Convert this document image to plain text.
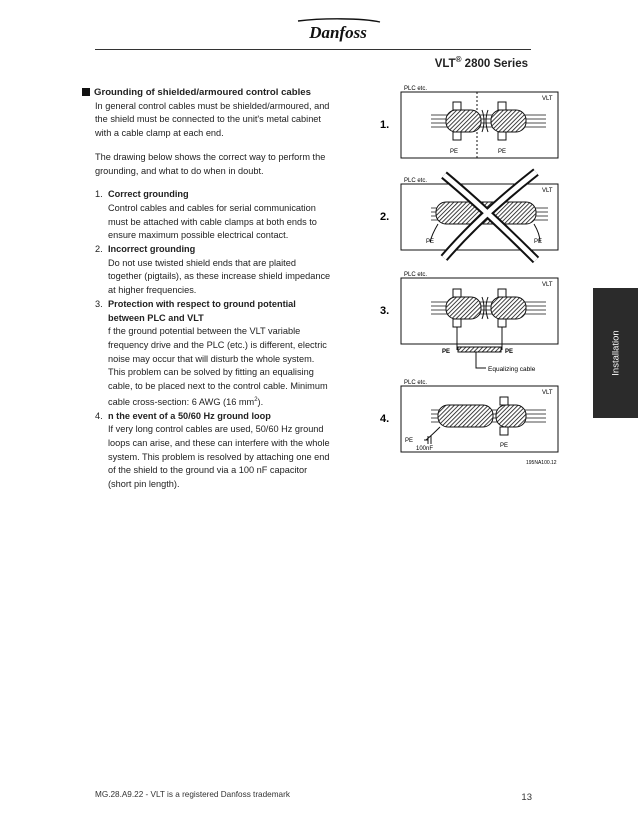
Danfoss
VLT® 2800 Series
Grounding of shielded/armoured control cables
In general control cables must be shielded/armoured, and the shield must be connected to the unit's metal cabinet with a cable clamp at each end.
The drawing below shows the correct way to perform the grounding, and what to do when in doubt.
1. Correct grounding
Control cables and cables for serial communication must be attached with cable clamps at both ends to ensure maximum possible electrical contact.
2. Incorrect grounding
Do not use twisted shield ends that are plaited together (pigtails), as these increase shield impedance at higher frequencies.
3. Protection with respect to ground potential between PLC and VLT
f the ground potential between the VLT variable frequency drive and the PLC (etc.) is different, electric noise may occur that will disturb the whole system. This problem can be solved by fitting an equalising cable, to be placed next to the control cable. Minimum cable cross-section: 6 AWG (16 $mm^2$).
4. n the event of a 50/60 Hz ground loop
If very long control cables are used, 50/60 Hz ground loops can arise, and these can interfere with the whole system. This problem is resolved by attaching one end of the shield to the ground via a 100 nF capacitor (short pin length).
1.
PLC etc.
VLT
PE	PE
2.
PLC etc.
VLT
PE	PE
3.
PLC etc.
VLT
PE	PE
Equalizing cable
4.
PLC etc.
VLT
PE
100nF	PE
195NA100.12
Installation
MG.28.A9.22 - VLT is a registered Danfoss trademark	13
